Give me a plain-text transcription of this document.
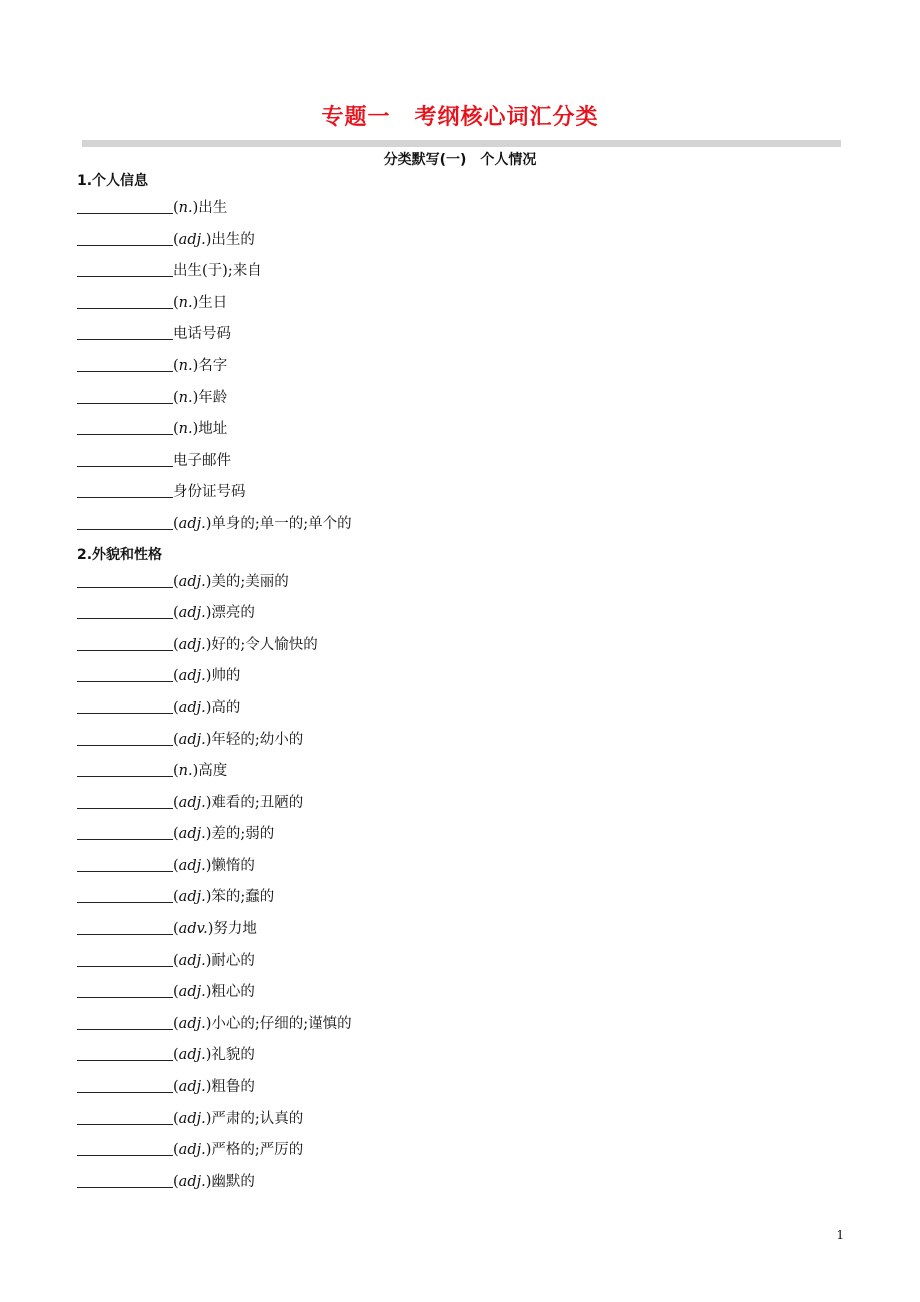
专题一 考纲核心词汇分类
分类默写(一) 个人情况
1.个人信息
(n.)出生
(adj.)出生的
出生(于);来自
(n.)生日
电话号码
(n.)名字
(n.)年龄
(n.)地址
电子邮件
身份证号码
(adj.)单身的;单一的;单个的
2.外貌和性格
(adj.)美的;美丽的
(adj.)漂亮的
(adj.)好的;令人愉快的
(adj.)帅的
(adj.)高的
(adj.)年轻的;幼小的
(n.)高度
(adj.)难看的;丑陋的
(adj.)差的;弱的
(adj.)懒惰的
(adj.)笨的;蠢的
(adv.)努力地
(adj.)耐心的
(adj.)粗心的
(adj.)小心的;仔细的;谨慎的
(adj.)礼貌的
(adj.)粗鲁的
(adj.)严肃的;认真的
(adj.)严格的;严厉的
(adj.)幽默的
1
